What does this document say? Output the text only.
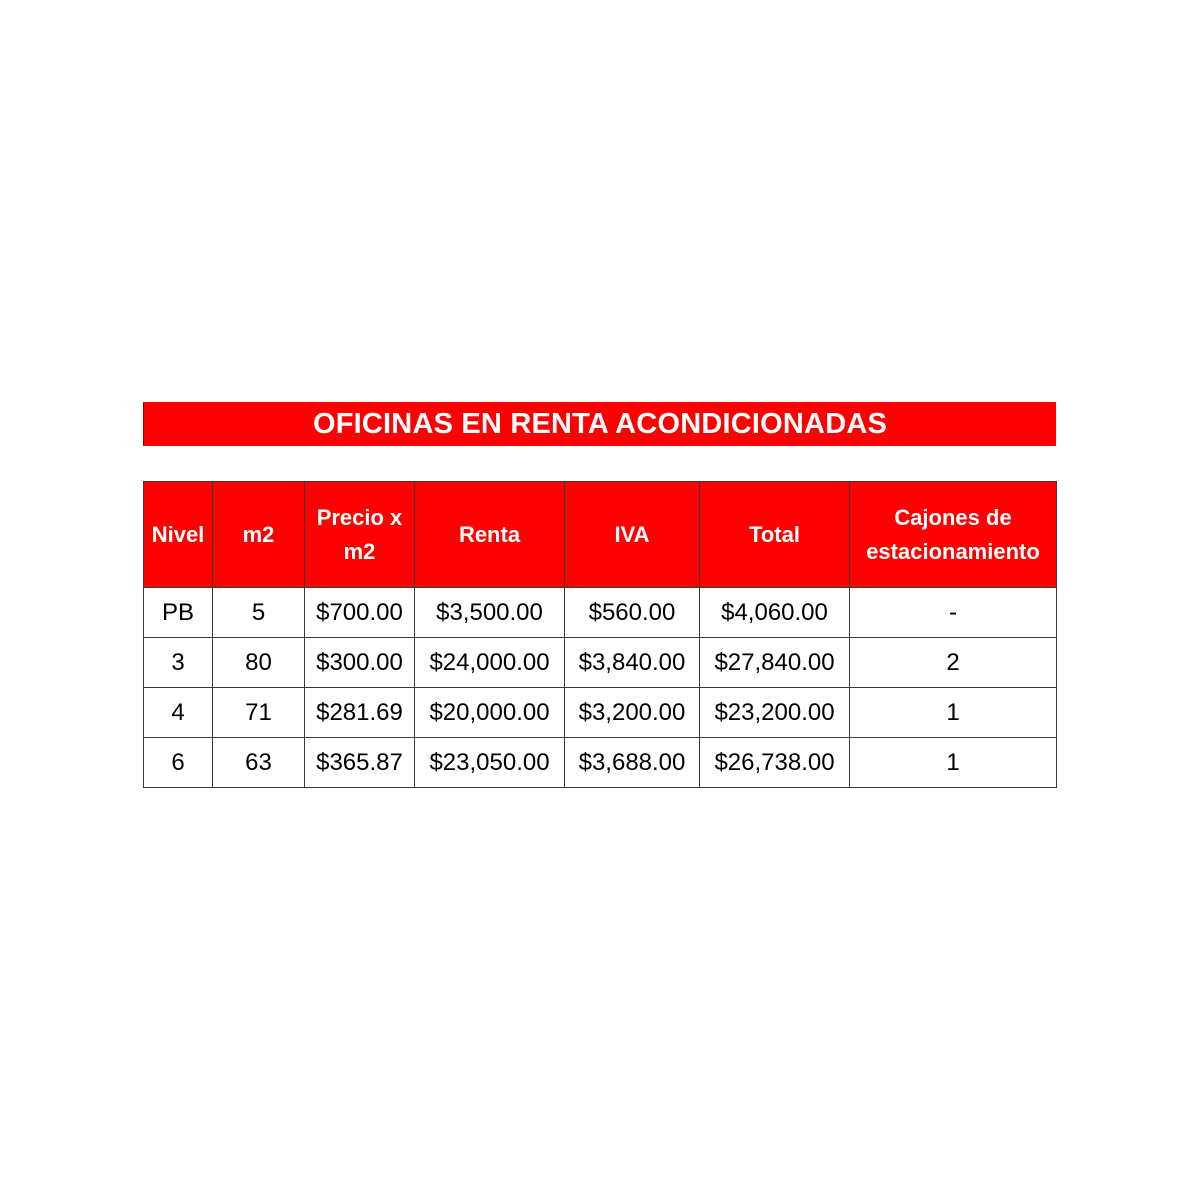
OFICINAS EN RENTA ACONDICIONADAS
Nivel	m2	Precio x m2	Renta	IVA	Total	Cajones de estacionamiento
PB	5	$700.00	$3,500.00	$560.00	$4,060.00	-
3	80	$300.00	$24,000.00	$3,840.00	$27,840.00	2
4	71	$281.69	$20,000.00	$3,200.00	$23,200.00	1
6	63	$365.87	$23,050.00	$3,688.00	$26,738.00	1
